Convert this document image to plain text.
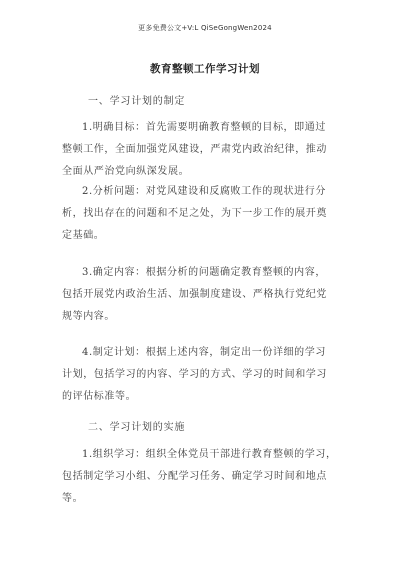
更多免费公文+V:L QiSeGongWen2024
教育整顿工作学习计划
一、学习计划的制定
1.明确目标：首先需要明确教育整顿的目标，即通过
整顿工作，全面加强党风建设，严肃党内政治纪律，推动
全面从严治党向纵深发展。
2.分析问题：对党风建设和反腐败工作的现状进行分
析，找出存在的问题和不足之处，为下一步工作的展开奠
定基础。
3.确定内容：根据分析的问题确定教育整顿的内容，
包括开展党内政治生活、加强制度建设、严格执行党纪党
规等内容。
4.制定计划：根据上述内容，制定出一份详细的学习
计划，包括学习的内容、学习的方式、学习的时间和学习
的评估标准等。
二、学习计划的实施
1.组织学习：组织全体党员干部进行教育整顿的学习，
包括制定学习小组、分配学习任务、确定学习时间和地点
等。
